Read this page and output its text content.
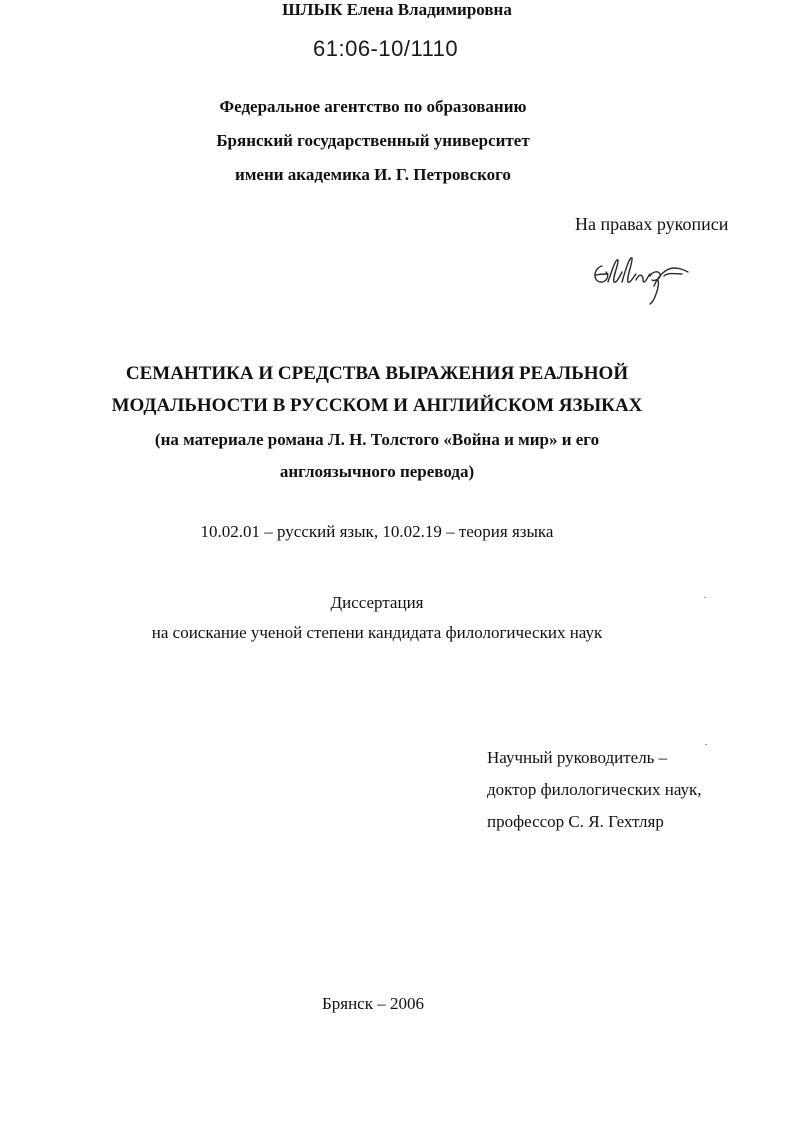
61:06-10/1110
Федеральное агентство по образованию
Брянский государственный университет
имени академика И. Г. Петровского
На правах рукописи
ШЛЫК Елена Владимировна
СЕМАНТИКА И СРЕДСТВА ВЫРАЖЕНИЯ РЕАЛЬНОЙ
МОДАЛЬНОСТИ В РУССКОМ И АНГЛИЙСКОМ ЯЗЫКАХ
(на материале романа Л. Н. Толстого «Война и мир» и его
англоязычного перевода)
10.02.01 – русский язык, 10.02.19 – теория языка
Диссертация
на соискание ученой степени кандидата филологических наук
Научный руководитель –
доктор филологических наук,
профессор С. Я. Гехтляр
Брянск – 2006
